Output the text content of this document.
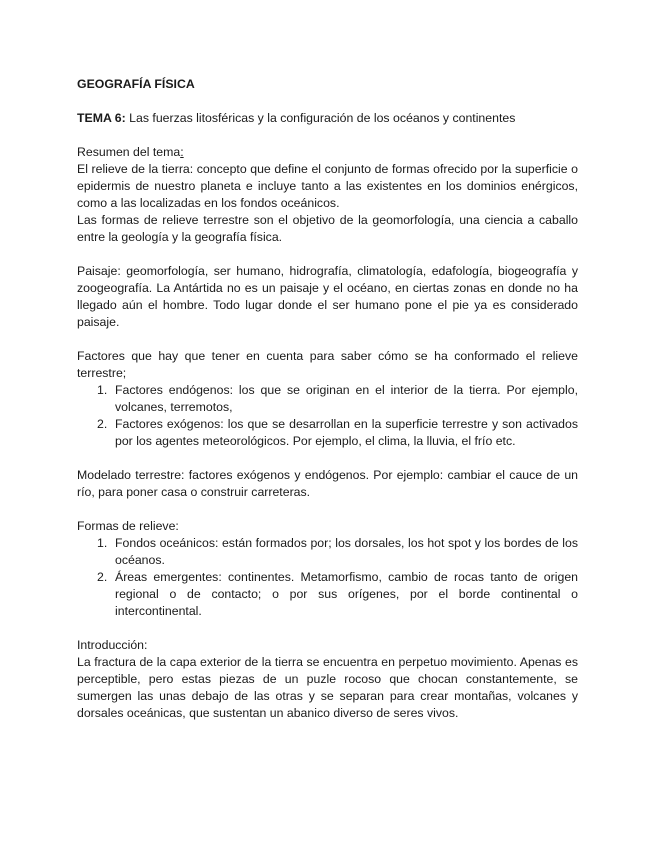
GEOGRAFÍA FÍSICA

TEMA 6: Las fuerzas litosféricas y la configuración de los océanos y continentes

Resumen del tema:

El relieve de la tierra: concepto que define el conjunto de formas ofrecido por la superficie o epidermis de nuestro planeta e incluye tanto a las existentes en los dominios enérgicos, como a las localizadas en los fondos oceánicos.

Las formas de relieve terrestre son el objetivo de la geomorfología, una ciencia a caballo entre la geología y la geografía física.

Paisaje: geomorfología, ser humano, hidrografía, climatología, edafología, biogeografía y zoogeografía. La Antártida no es un paisaje y el océano, en ciertas zonas en donde no ha llegado aún el hombre. Todo lugar donde el ser humano pone el pie ya es considerado paisaje.

Factores que hay que tener en cuenta para saber cómo se ha conformado el relieve terrestre;

1. Factores endógenos: los que se originan en el interior de la tierra. Por ejemplo, volcanes, terremotos,
2. Factores exógenos: los que se desarrollan en la superficie terrestre y son activados por los agentes meteorológicos. Por ejemplo, el clima, la lluvia, el frío etc.

Modelado terrestre: factores exógenos y endógenos. Por ejemplo: cambiar el cauce de un río, para poner casa o construir carreteras.

Formas de relieve:

1. Fondos oceánicos: están formados por; los dorsales, los hot spot y los bordes de los océanos.
2. Áreas emergentes: continentes. Metamorfismo, cambio de rocas tanto de origen regional o de contacto; o por sus orígenes, por el borde continental o intercontinental.

Introducción:

La fractura de la capa exterior de la tierra se encuentra en perpetuo movimiento. Apenas es perceptible, pero estas piezas de un puzle rocoso que chocan constantemente, se sumergen las unas debajo de las otras y se separan para crear montañas, volcanes y dorsales oceánicas, que sustentan un abanico diverso de seres vivos.
